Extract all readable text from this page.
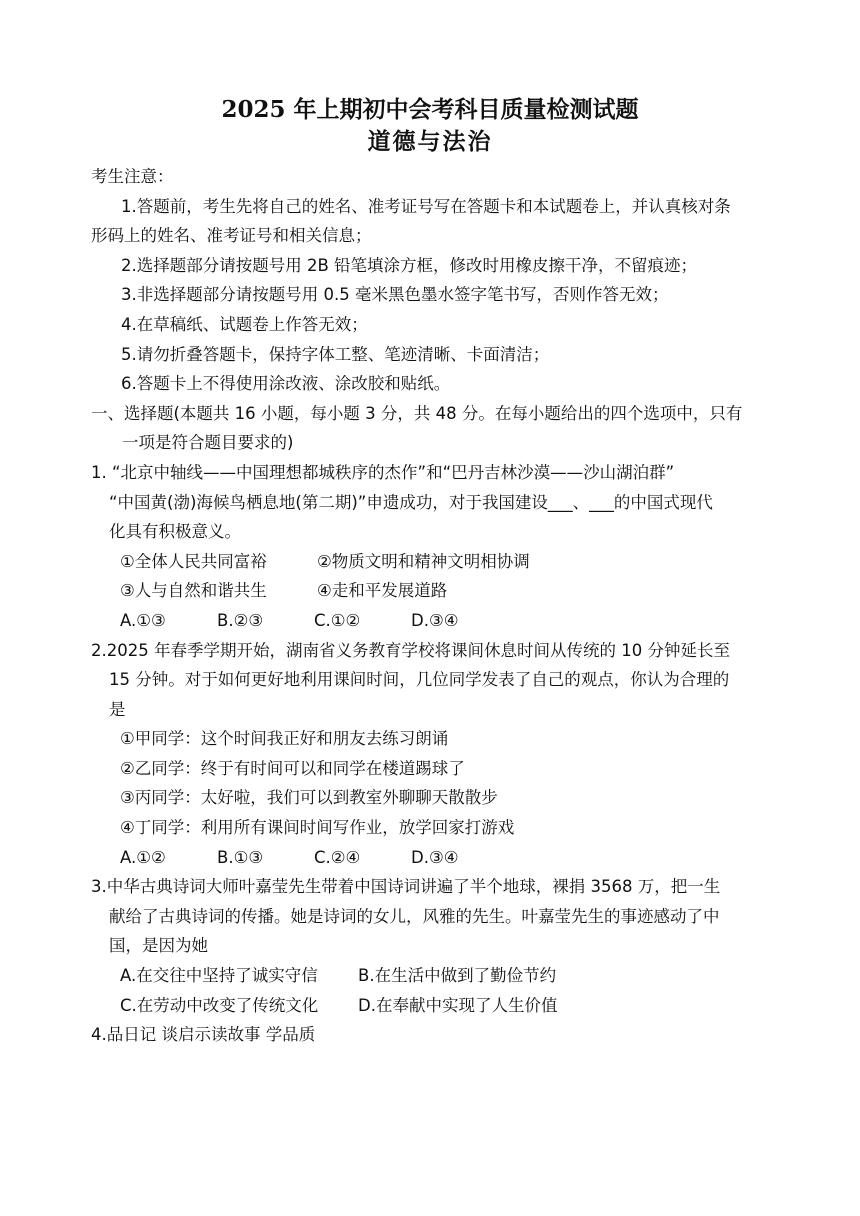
2025 年上期初中会考科目质量检测试题
道德与法治
考生注意：
1.答题前，考生先将自己的姓名、准考证号写在答题卡和本试题卷上，并认真核对条
形码上的姓名、准考证号和相关信息；
2.选择题部分请按题号用 2B 铅笔填涂方框，修改时用橡皮擦干净，不留痕迹；
3.非选择题部分请按题号用 0.5 毫米黑色墨水签字笔书写，否则作答无效；
4.在草稿纸、试题卷上作答无效；
5.请勿折叠答题卡，保持字体工整、笔迹清晰、卡面清洁；
6.答题卡上不得使用涂改液、涂改胶和贴纸。
一、选择题(本题共 16 小题，每小题 3 分，共 48 分。在每小题给出的四个选项中，只有
一项是符合题目要求的)
1. “北京中轴线——中国理想都城秩序的杰作”和“巴丹吉林沙漠——沙山湖泊群”
“中国黄(渤)海候鸟栖息地(第二期)”申遗成功，对于我国建设___、___的中国式现代
化具有积极意义。
①全体人民共同富裕	②物质文明和精神文明相协调
③人与自然和谐共生	④走和平发展道路
A.①③	B.②③	C.①②	D.③④
2.2025 年春季学期开始，湖南省义务教育学校将课间休息时间从传统的 10 分钟延长至
15 分钟。对于如何更好地利用课间时间，几位同学发表了自己的观点，你认为合理的
是
①甲同学：这个时间我正好和朋友去练习朗诵
②乙同学：终于有时间可以和同学在楼道踢球了
③丙同学：太好啦，我们可以到教室外聊聊天散散步
④丁同学：利用所有课间时间写作业，放学回家打游戏
A.①②	B.①③	C.②④	D.③④
3.中华古典诗词大师叶嘉莹先生带着中国诗词讲遍了半个地球，裸捐 3568 万，把一生
献给了古典诗词的传播。她是诗词的女儿，风雅的先生。叶嘉莹先生的事迹感动了中
国，是因为她
A.在交往中坚持了诚实守信 B.在生活中做到了勤俭节约
C.在劳动中改变了传统文化 D.在奉献中实现了人生价值
4.品日记 谈启示读故事 学品质
